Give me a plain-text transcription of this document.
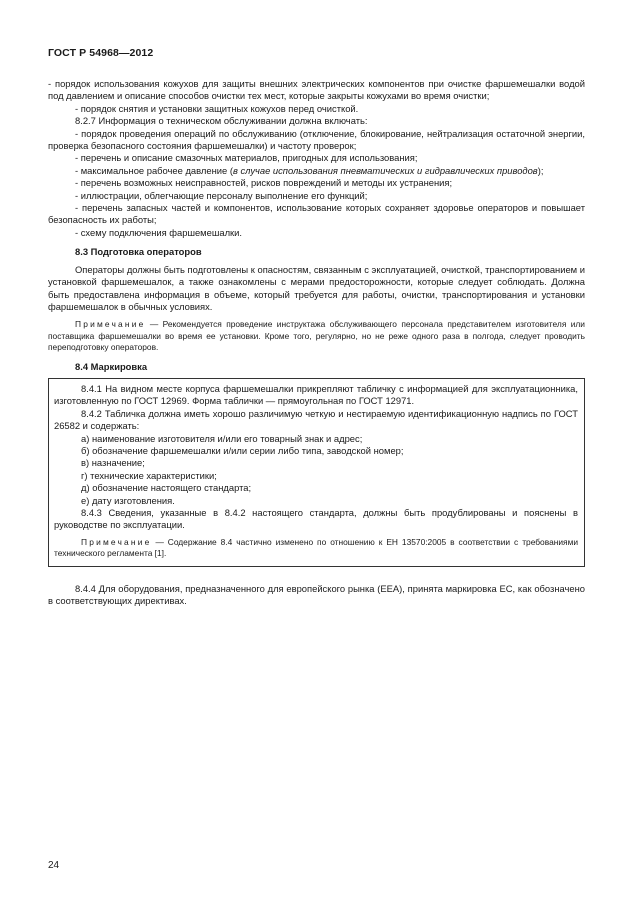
ГОСТ Р 54968—2012

- порядок использования кожухов для защиты внешних электрических компонентов при очистке фаршемешалки водой под давлением и описание способов очистки тех мест, которые закрыты кожухами во время очистки;

- порядок снятия и установки защитных кожухов перед очисткой.

8.2.7 Информация о техническом обслуживании должна включать:

- порядок проведения операций по обслуживанию (отключение, блокирование, нейтрализация остаточной энергии, проверка безопасного состояния фаршемешалки) и частоту проверок;

- перечень и описание смазочных материалов, пригодных для использования;

- максимальное рабочее давление (в случае использования пневматических и гидравлических приводов);

- перечень возможных неисправностей, рисков повреждений и методы их устранения;

- иллюстрации, облегчающие персоналу выполнение его функций;

- перечень запасных частей и компонентов, использование которых сохраняет здоровье операторов и повышает безопасность их работы;

- схему подключения фаршемешалки.

8.3 Подготовка операторов

Операторы должны быть подготовлены к опасностям, связанным с эксплуатацией, очисткой, транспортированием и установкой фаршемешалок, а также ознакомлены с мерами предосторожности, которые следует соблюдать. Должна быть предоставлена информация в объеме, который требуется для работы, очистки, транспортирования и установки фаршемешалок в обычных условиях.

Примечание — Рекомендуется проведение инструктажа обслуживающего персонала представителем изготовителя или поставщика фаршемешалки во время ее установки. Кроме того, регулярно, но не реже одного раза в полгода, следует проводить переподготовку операторов.

8.4 Маркировка

8.4.1 На видном месте корпуса фаршемешалки прикрепляют табличку с информацией для эксплуатационника, изготовленную по ГОСТ 12969. Форма таблички — прямоугольная по ГОСТ 12971.

8.4.2 Табличка должна иметь хорошо различимую четкую и нестираемую идентификационную надпись по ГОСТ 26582 и содержать:

а) наименование изготовителя и/или его товарный знак и адрес;

б) обозначение фаршемешалки и/или серии либо типа, заводской номер;

в) назначение;

г) технические характеристики;

д) обозначение настоящего стандарта;

е) дату изготовления.

8.4.3 Сведения, указанные в 8.4.2 настоящего стандарта, должны быть продублированы и пояснены в руководстве по эксплуатации.

Примечание — Содержание 8.4 частично изменено по отношению к ЕН 13570:2005 в соответствии с требованиями технического регламента [1].

8.4.4 Для оборудования, предназначенного для европейского рынка (ЕЕА), принята маркировка ЕС, как обозначено в соответствующих директивах.

24
